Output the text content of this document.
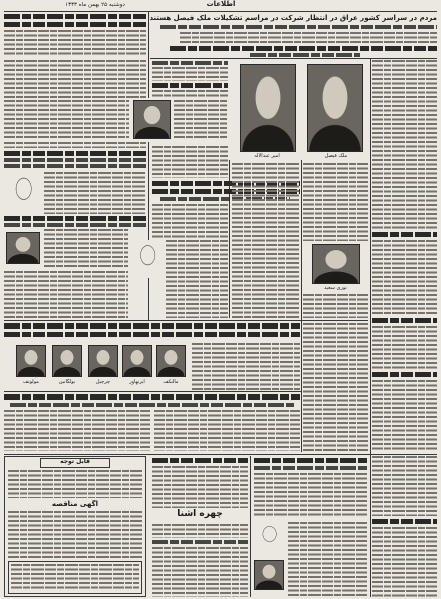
دوشنبه ۲۵ بهمن ماه ۱۳۳۳	اطلاعات
مردم در سراسر کشور عراق در انتظار شرکت در مراسم تشکیلات ملک فیصل هستند
امیر عبدالاله	ملک فیصل
نوری سعید
مولوتف	بولگانین	چرچیل	آیزنهاور	مالنکف
قابل توجه
آگهی مناقصه
چهره آشنا
